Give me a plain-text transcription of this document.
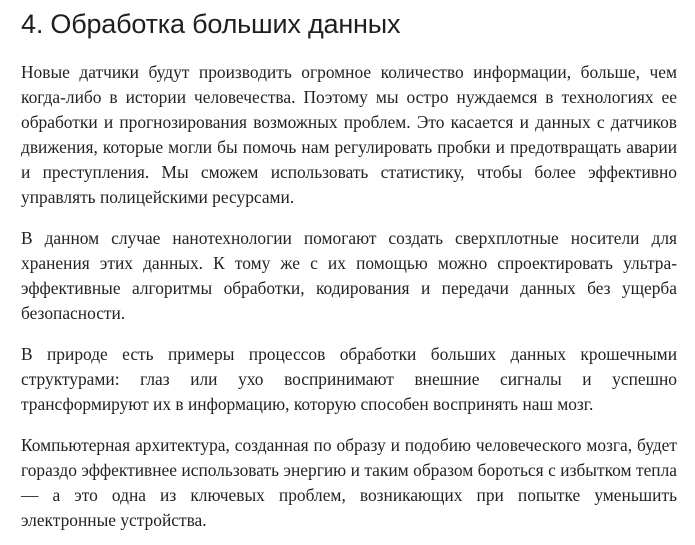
4. Обработка больших данных

Новые датчики будут производить огромное количество информации, больше, чем когда-либо в истории человечества. Поэтому мы остро нуждаемся в технологиях ее обработки и прогнозирования возможных проблем. Это касается и данных с датчиков движения, которые могли бы помочь нам регулировать пробки и предотвращать аварии и преступления. Мы сможем использовать статистику, чтобы более эффективно управлять полицейскими ресурсами.

В данном случае нанотехнологии помогают создать сверхплотные носители для хранения этих данных. К тому же с их помощью можно спроектировать ультра-эффективные алгоритмы обработки, кодирования и передачи данных без ущерба безопасности.

В природе есть примеры процессов обработки больших данных крошечными структурами: глаз или ухо воспринимают внешние сигналы и успешно трансформируют их в информацию, которую способен воспринять наш мозг.

Компьютерная архитектура, созданная по образу и подобию человеческого мозга, будет гораздо эффективнее использовать энергию и таким образом бороться с избытком тепла — а это одна из ключевых проблем, возникающих при попытке уменьшить электронные устройства.
